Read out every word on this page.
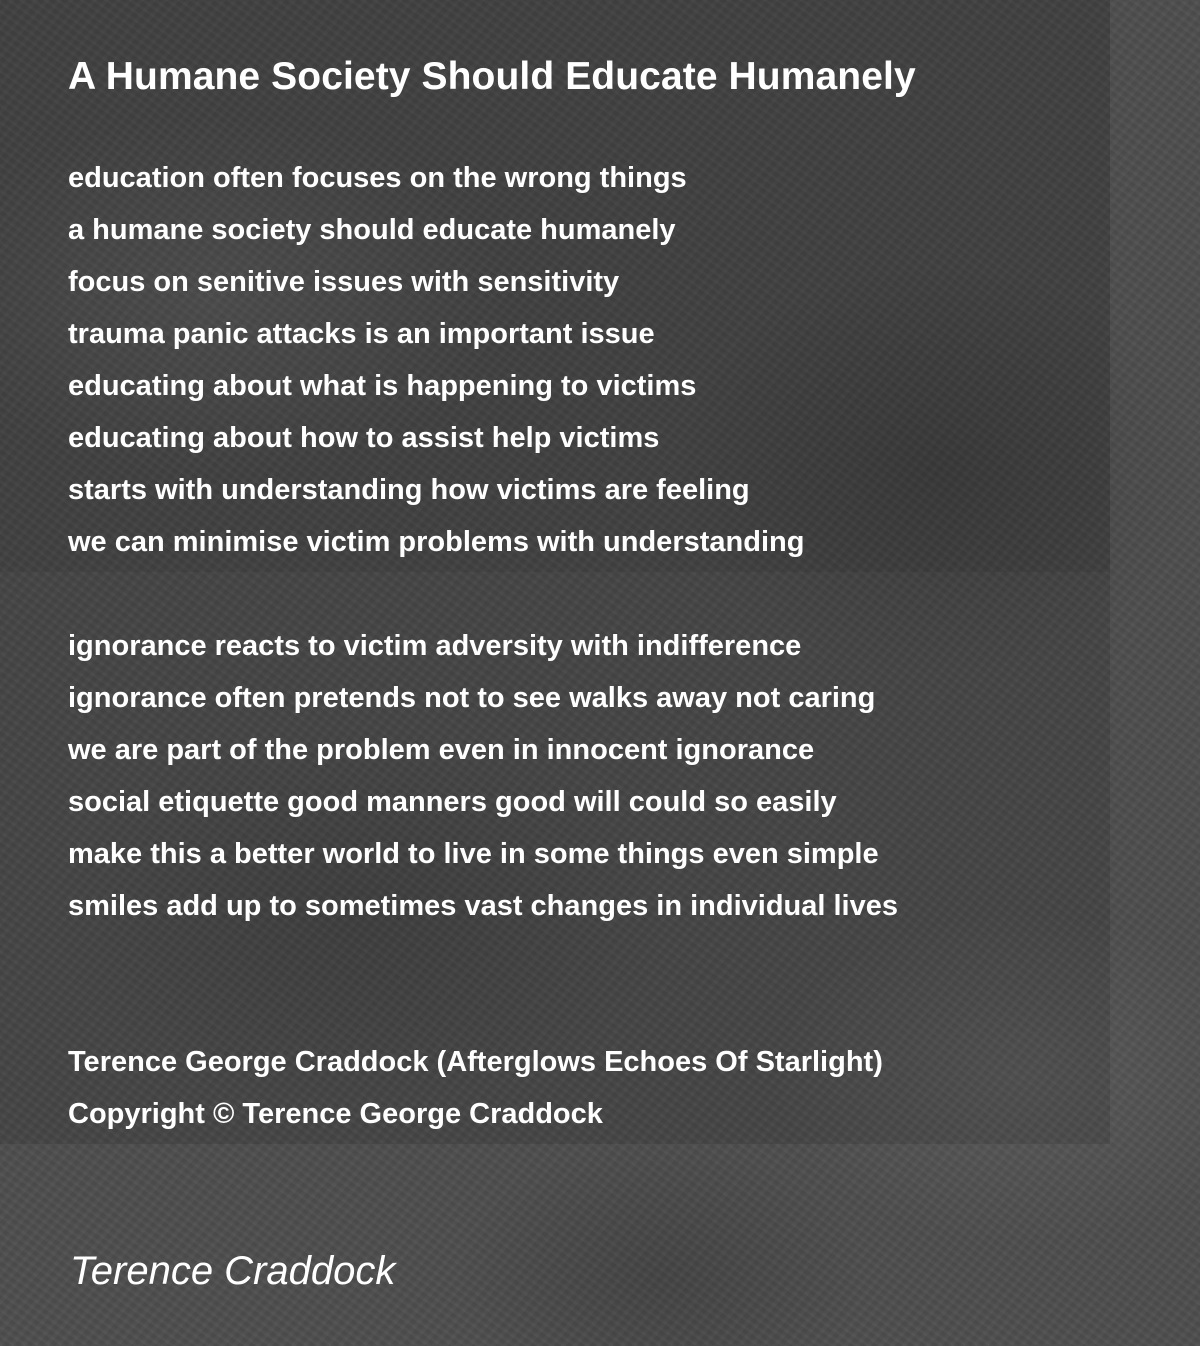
A Humane Society Should Educate Humanely
education often focuses on the wrong things
a humane society should educate humanely
focus on senitive issues with sensitivity
trauma panic attacks is an important issue
educating about what is happening to victims
educating about how to assist help victims
starts with understanding how victims are feeling
we can minimise victim problems with understanding
ignorance reacts to victim adversity with indifference
ignorance often pretends not to see walks away not caring
we are part of the problem even in innocent ignorance
social etiquette good manners good will could so easily
make this a better world to live in some things even simple
smiles add up to sometimes vast changes in individual lives
Terence George Craddock (Afterglows Echoes Of Starlight)
Copyright © Terence George Craddock

Terence Craddock
